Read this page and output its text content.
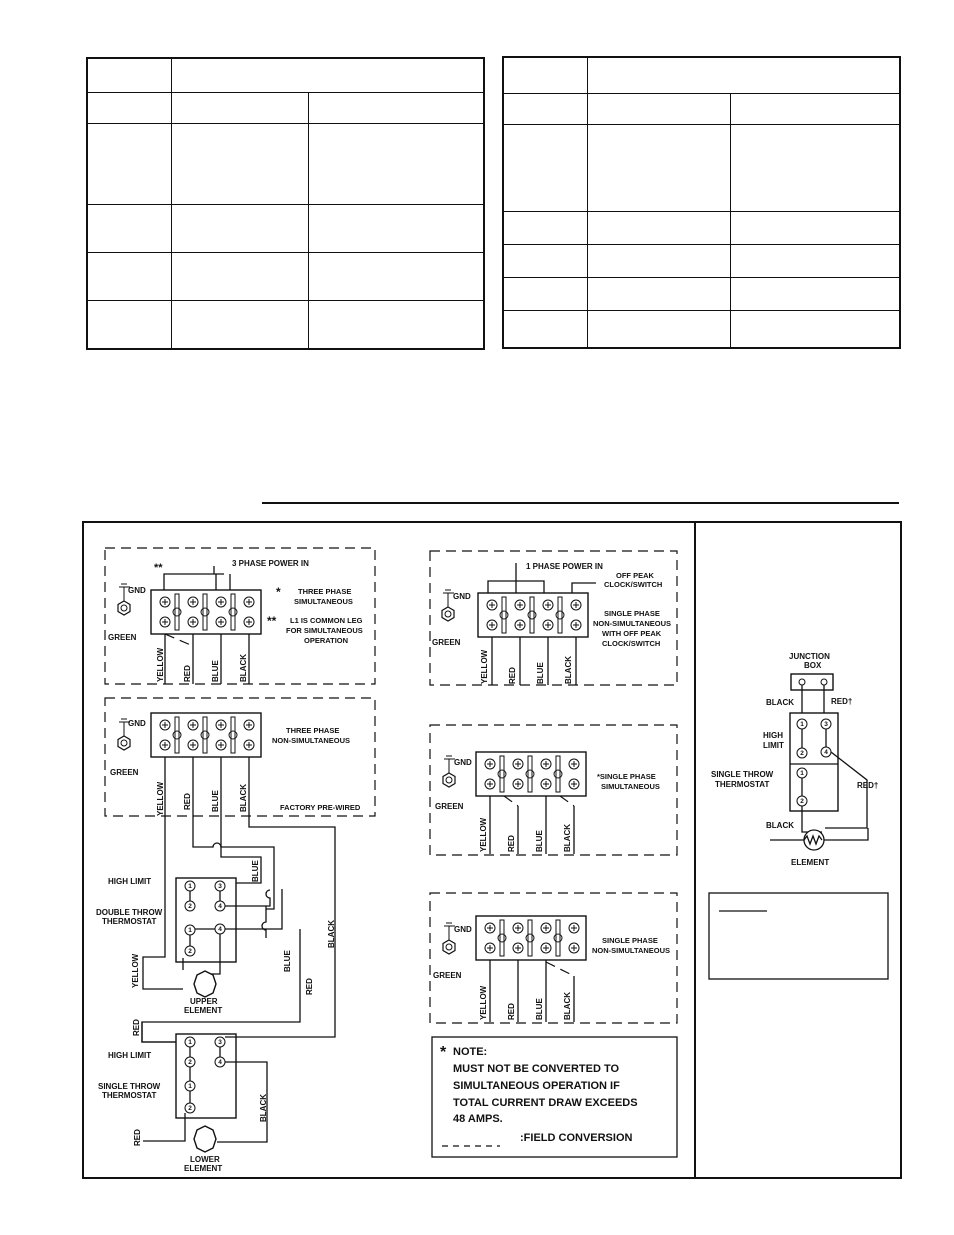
3 PHASE POWER IN
**
GND
GREEN
YELLOW RED BLUE BLACK
* THREE PHASE
SIMULTANEOUS
** L1 IS COMMON LEG
FOR SIMULTANEOUS
OPERATION
GND
GREEN
THREE PHASE
NON-SIMULTANEOUS
FACTORY PRE-WIRED
YELLOW RED BLUE BLACK
BLUE
BLACK
1
2
1
2
3
4
4
HIGH LIMIT
DOUBLE THROW
THERMOSTAT
UPPER
ELEMENT
YELLOW	BLUE
RED
1
2
1
2
3
4
HIGH LIMIT
SINGLE THROW
THERMOSTAT
LOWER
ELEMENT
RED
RED
BLACK
1 PHASE POWER IN
OFF PEAK
CLOCK/SWITCH
GND
GREEN
YELLOW RED BLUE BLACK
SINGLE PHASE
NON-SIMULTANEOUS
WITH OFF PEAK
CLOCK/SWITCH
GND
GREEN
YELLOW RED BLUE BLACK
*SINGLE PHASE
SIMULTANEOUS
GND
GREEN
YELLOW RED BLUE BLACK
SINGLE PHASE
NON-SIMULTANEOUS
* NOTE:
MUST NOT BE CONVERTED TO
SIMULTANEOUS OPERATION IF
TOTAL CURRENT DRAW EXCEEDS
48 AMPS.
:FIELD CONVERSION
JUNCTION
BOX
BLACK	RED†
1
2
3
4
1
2
HIGH
LIMIT
SINGLE THROW
THERMOSTAT	RED†
BLACK
ELEMENT
